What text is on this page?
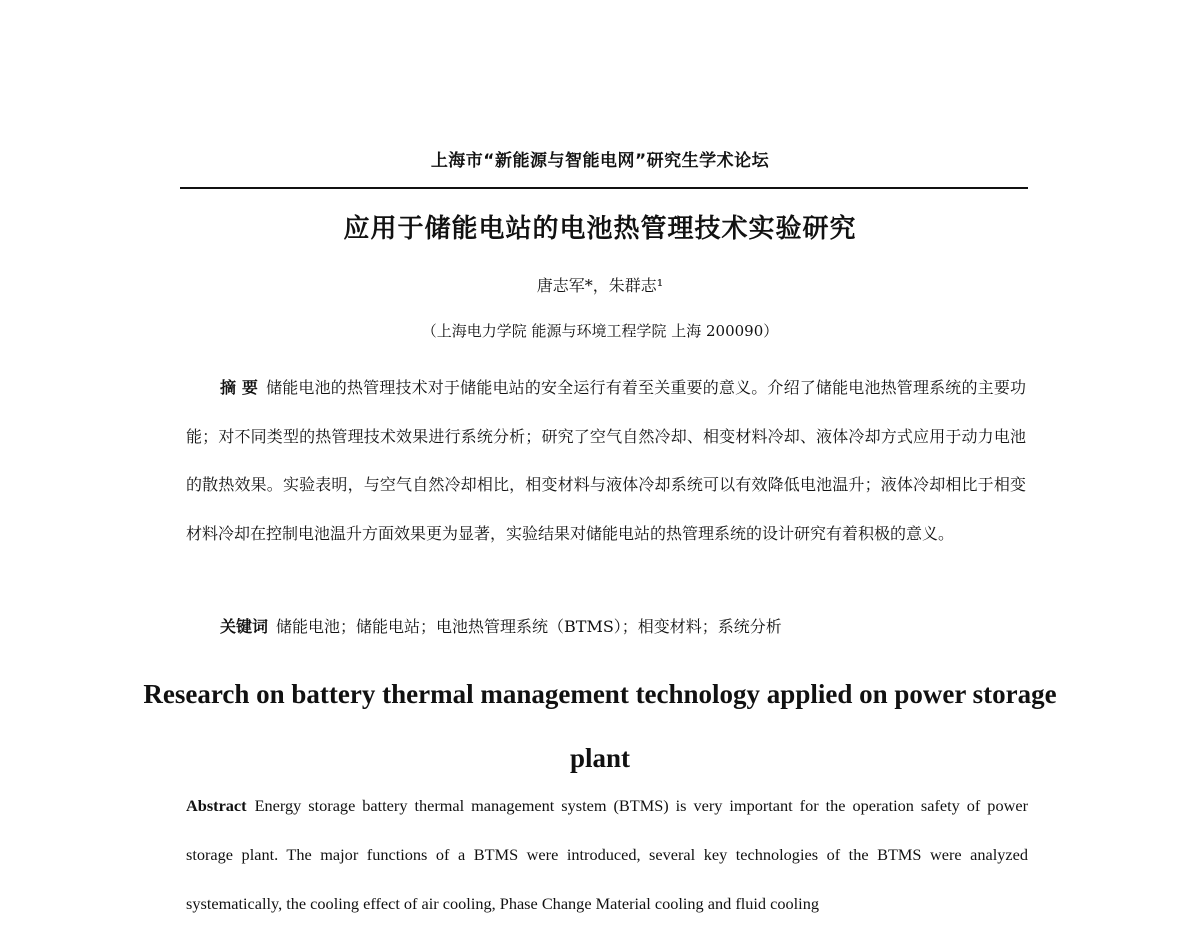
上海市“新能源与智能电网”研究生学术论坛
应用于储能电站的电池热管理技术实验研究
唐志军*，朱群志¹
（上海电力学院 能源与环境工程学院 上海 200090）

摘 要 储能电池的热管理技术对于储能电站的安全运行有着至关重要的意义。介绍了储能电池热管理系统的主要功能；对不同类型的热管理技术效果进行系统分析；研究了空气自然冷却、相变材料冷却、液体冷却方式应用于动力电池的散热效果。实验表明，与空气自然冷却相比，相变材料与液体冷却系统可以有效降低电池温升；液体冷却相比于相变材料冷却在控制电池温升方面效果更为显著，实验结果对储能电站的热管理系统的设计研究有着积极的意义。

关键词 储能电池；储能电站；电池热管理系统（BTMS）；相变材料；系统分析

Research on battery thermal management technology applied on power storage plant

Abstract Energy storage battery thermal management system (BTMS) is very important for the operation safety of power storage plant. The major functions of a BTMS were introduced, several key technologies of the BTMS were analyzed systematically, the cooling effect of air cooling, Phase Change Material cooling and fluid cooling
